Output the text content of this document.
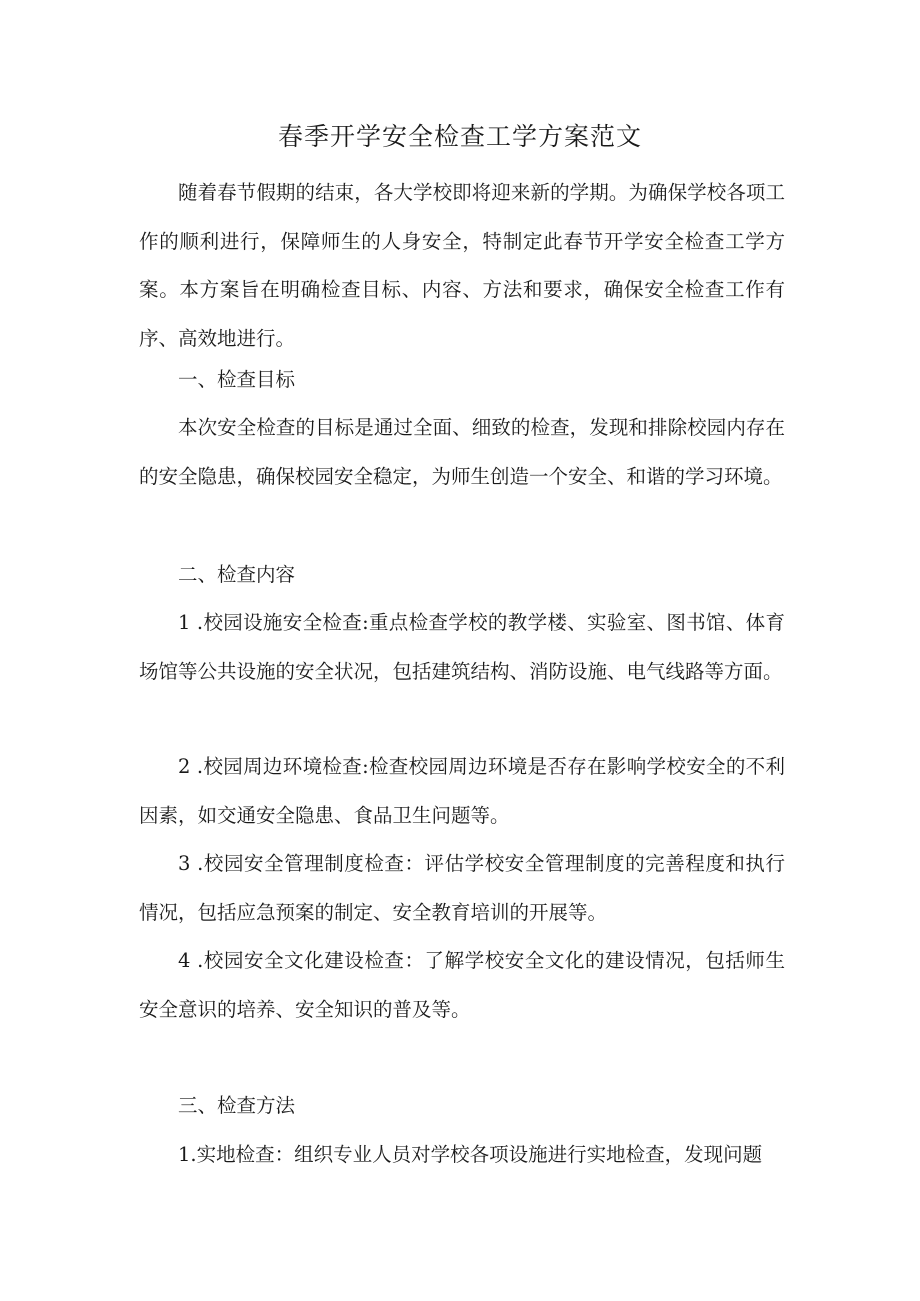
春季开学安全检查工学方案范文

随着春节假期的结束，各大学校即将迎来新的学期。为确保学校各项工作的顺利进行，保障师生的人身安全，特制定此春节开学安全检查工学方案。本方案旨在明确检查目标、内容、方法和要求，确保安全检查工作有序、高效地进行。

一、检查目标

本次安全检查的目标是通过全面、细致的检查，发现和排除校园内存在的安全隐患，确保校园安全稳定，为师生创造一个安全、和谐的学习环境。

二、检查内容

1 .校园设施安全检查:重点检查学校的教学楼、实验室、图书馆、体育场馆等公共设施的安全状况，包括建筑结构、消防设施、电气线路等方面。

2 .校园周边环境检查:检查校园周边环境是否存在影响学校安全的不利因素，如交通安全隐患、食品卫生问题等。

3 .校园安全管理制度检查：评估学校安全管理制度的完善程度和执行情况，包括应急预案的制定、安全教育培训的开展等。

4 .校园安全文化建设检查：了解学校安全文化的建设情况，包括师生安全意识的培养、安全知识的普及等。

三、检查方法

1.实地检查：组织专业人员对学校各项设施进行实地检查，发现问题
